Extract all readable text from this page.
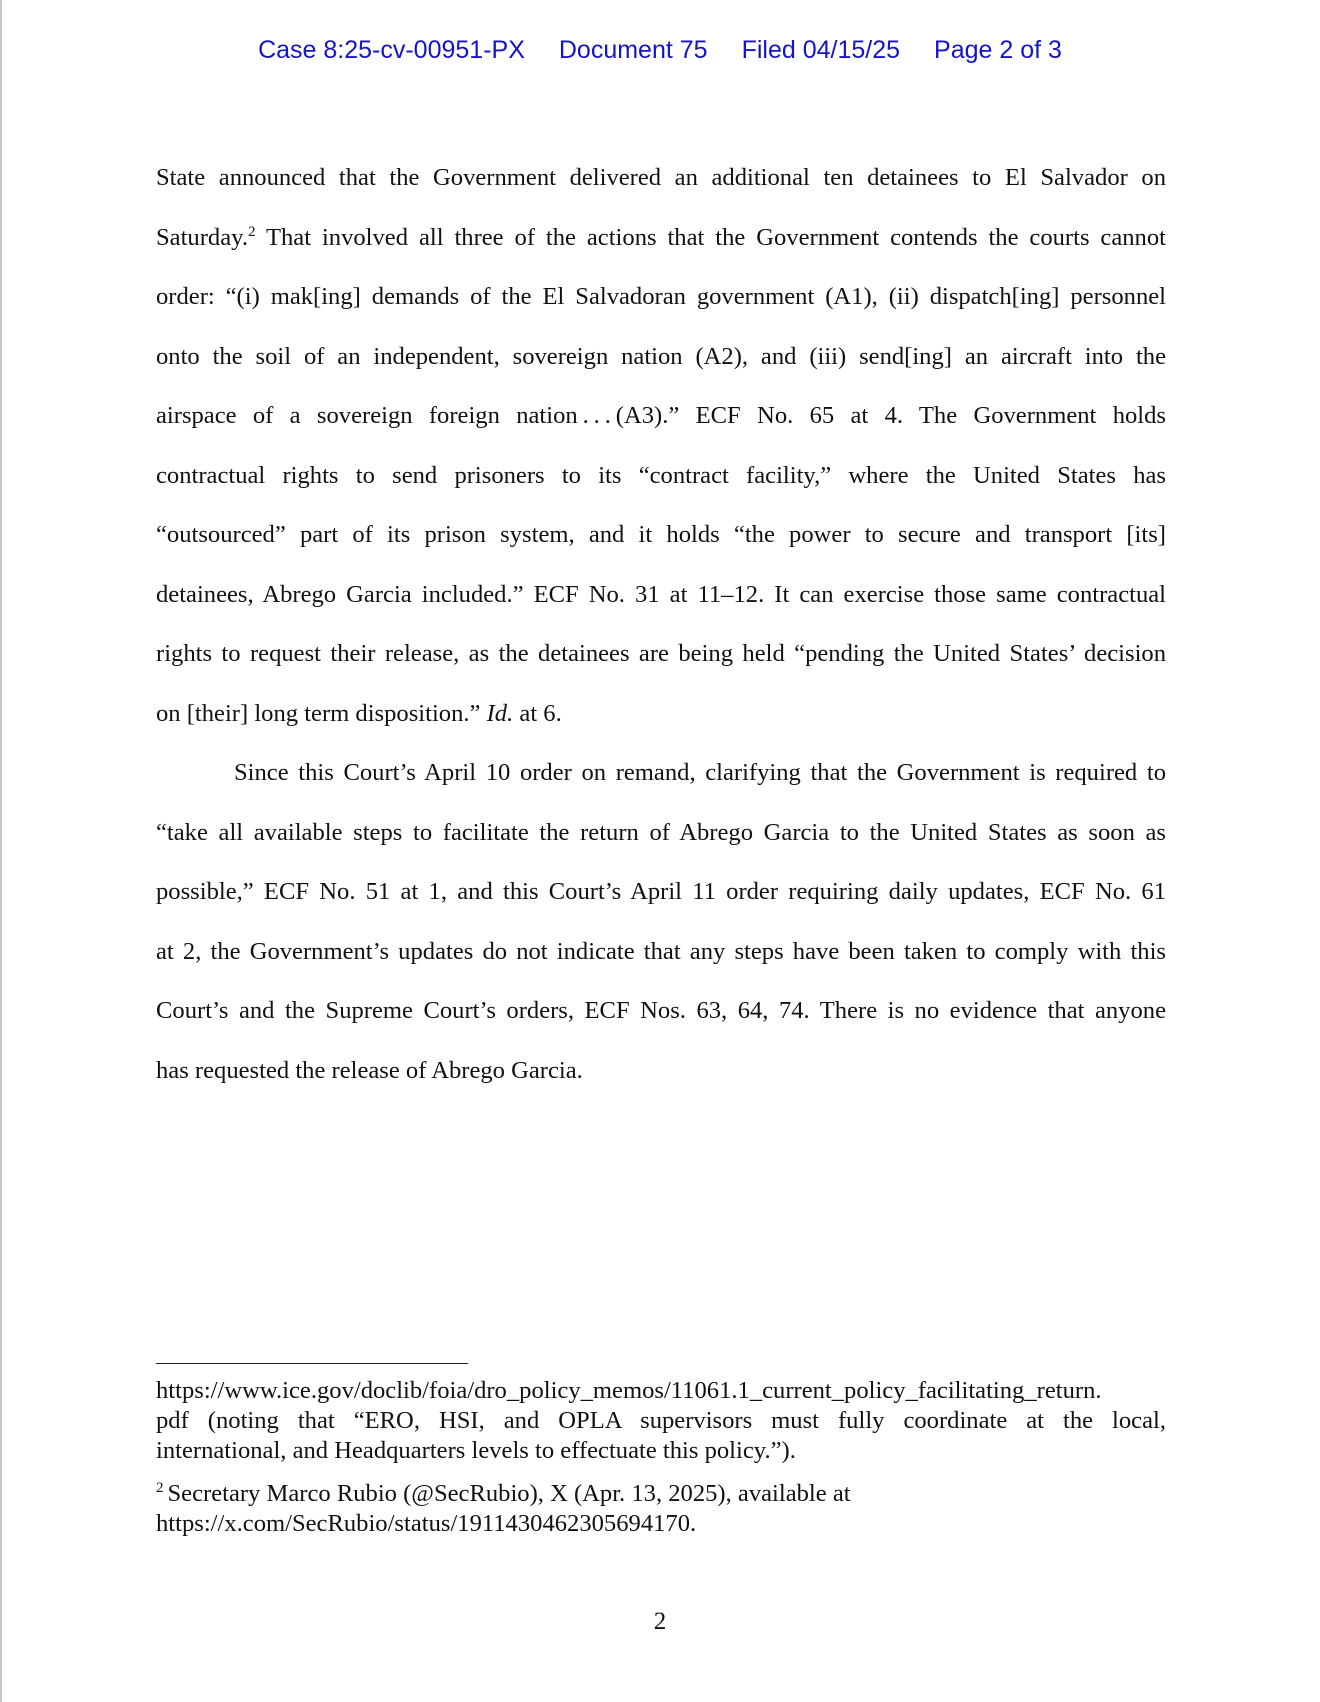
Case 8:25-cv-00951-PX Document 75 Filed 04/15/25 Page 2 of 3

State announced that the Government delivered an additional ten detainees to El Salvador on
Saturday.$^2$ That involved all three of the actions that the Government contends the courts cannot
order: “(i) mak[ing] demands of the El Salvadoran government (A1), (ii) dispatch[ing] personnel
onto the soil of an independent, sovereign nation (A2), and (iii) send[ing] an aircraft into the
airspace of a sovereign foreign nation . . . (A3).” ECF No. 65 at 4. The Government holds
contractual rights to send prisoners to its “contract facility,” where the United States has
“outsourced” part of its prison system, and it holds “the power to secure and transport [its]
detainees, Abrego Garcia included.” ECF No. 31 at 11–12. It can exercise those same contractual
rights to request their release, as the detainees are being held “pending the United States’ decision
on [their] long term disposition.” Id. at 6.

Since this Court’s April 10 order on remand, clarifying that the Government is required to
“take all available steps to facilitate the return of Abrego Garcia to the United States as soon as
possible,” ECF No. 51 at 1, and this Court’s April 11 order requiring daily updates, ECF No. 61
at 2, the Government’s updates do not indicate that any steps have been taken to comply with this
Court’s and the Supreme Court’s orders, ECF Nos. 63, 64, 74. There is no evidence that anyone
has requested the release of Abrego Garcia.

https://www.ice.gov/doclib/foia/dro_policy_memos/11061.1_current_policy_facilitating_return.
pdf (noting that “ERO, HSI, and OPLA supervisors must fully coordinate at the local,
international, and Headquarters levels to effectuate this policy.”).
$^2$ Secretary Marco Rubio (@SecRubio), X (Apr. 13, 2025), available at
https://x.com/SecRubio/status/1911430462305694170.
2
